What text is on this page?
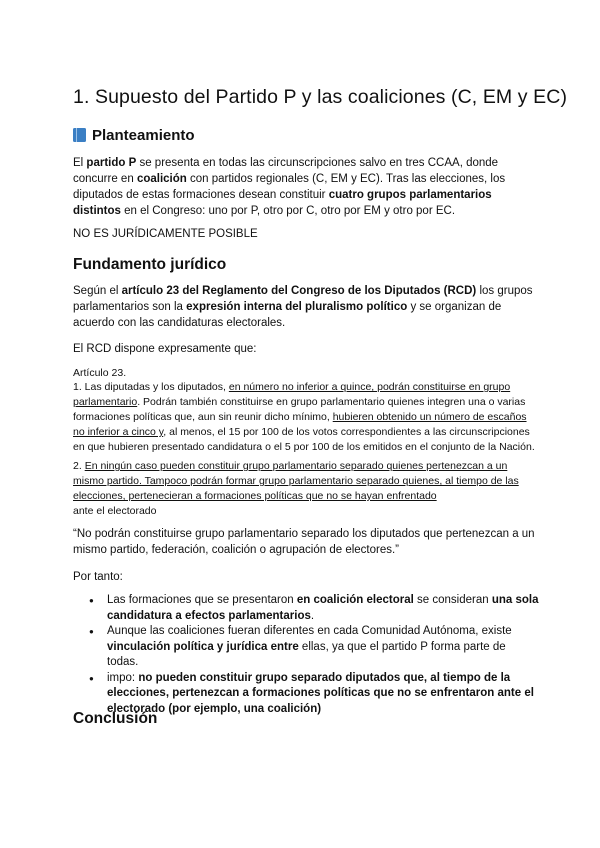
1. Supuesto del Partido P y las coaliciones (C, EM y EC)
Planteamiento

El partido P se presenta en todas las circunscripciones salvo en tres CCAA, donde concurre en coalición con partidos regionales (C, EM y EC). Tras las elecciones, los diputados de estas formaciones desean constituir cuatro grupos parlamentarios distintos en el Congreso: uno por P, otro por C, otro por EM y otro por EC.

NO ES JURÍDICAMENTE POSIBLE

Fundamento jurídico

Según el artículo 23 del Reglamento del Congreso de los Diputados (RCD) los grupos parlamentarios son la expresión interna del pluralismo político y se organizan de acuerdo con las candidaturas electorales.

El RCD dispone expresamente que:

Artículo 23.

1. Las diputadas y los diputados, en número no inferior a quince, podrán constituirse en grupo parlamentario. Podrán también constituirse en grupo parlamentario quienes integren una o varias formaciones políticas que, aun sin reunir dicho mínimo, hubieren obtenido un número de escaños no inferior a cinco y, al menos, el 15 por 100 de los votos correspondientes a las circunscripciones en que hubieren presentado candidatura o el 5 por 100 de los emitidos en el conjunto de la Nación.

2. En ningún caso pueden constituir grupo parlamentario separado quienes pertenezcan a un mismo partido. Tampoco podrán formar grupo parlamentario separado quienes, al tiempo de las elecciones, pertenecieran a formaciones políticas que no se hayan enfrentado
ante el electorado

“No podrán constituirse grupo parlamentario separado los diputados que pertenezcan a un mismo partido, federación, coalición o agrupación de electores.”

Por tanto:

● Las formaciones que se presentaron en coalición electoral se consideran una sola candidatura a efectos parlamentarios.
● Aunque las coaliciones fueran diferentes en cada Comunidad Autónoma, existe vinculación política y jurídica entre ellas, ya que el partido P forma parte de todas.
● impo: no pueden constituir grupo separado diputados que, al tiempo de la elecciones, pertenezcan a formaciones políticas que no se enfrentaron ante el electorado (por ejemplo, una coalición)
Conclusión
